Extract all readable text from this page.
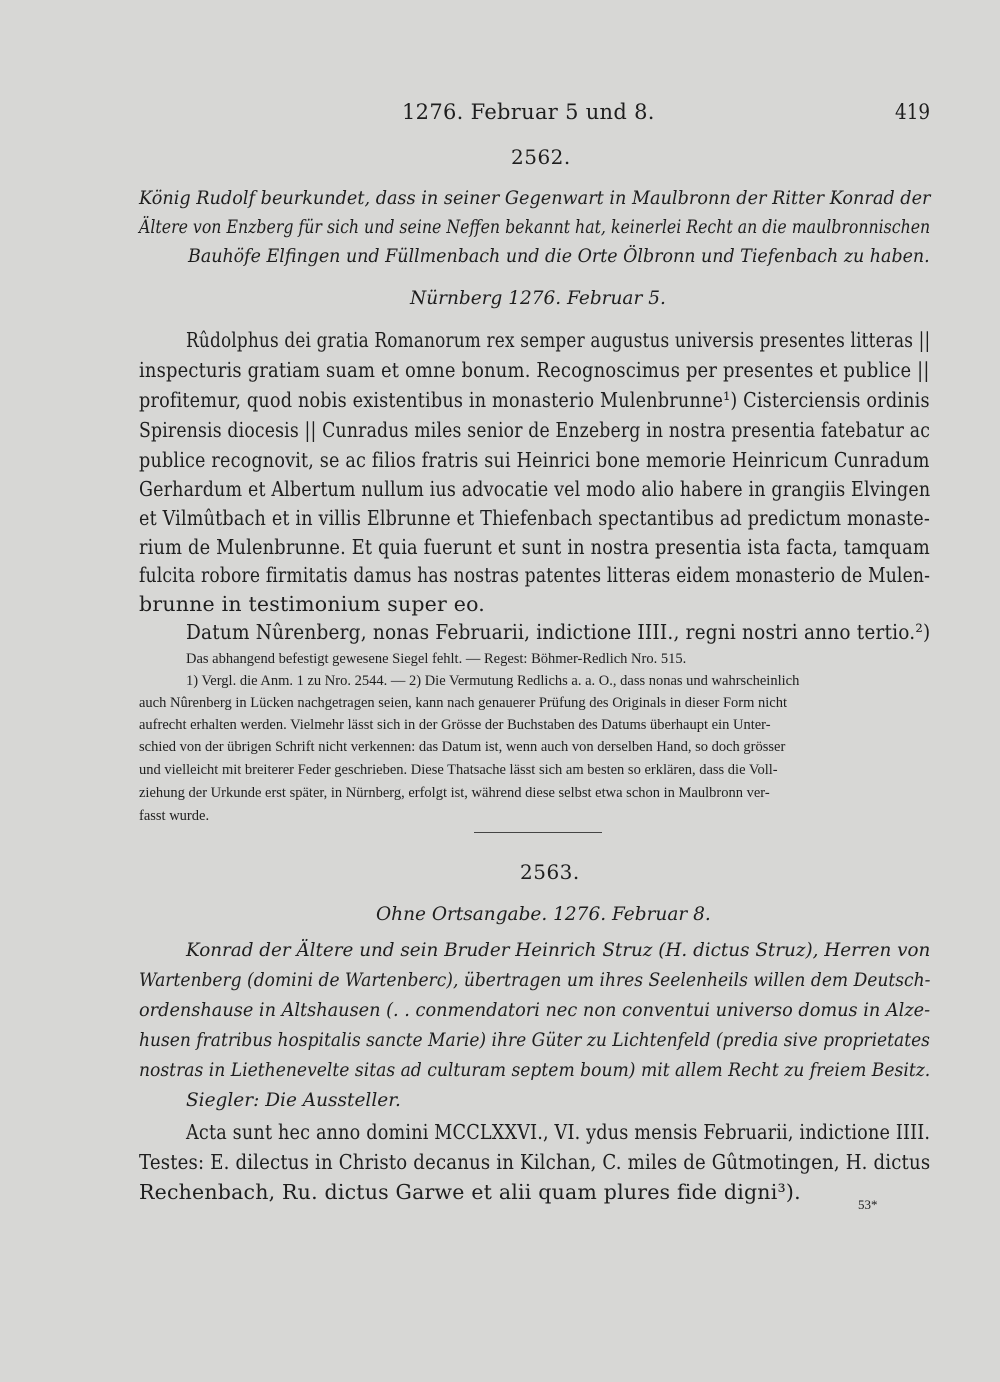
1276. Februar 5 und 8.	419
2562.
König Rudolf beurkundet, dass in seiner Gegenwart in Maulbronn der Ritter Konrad der
Ältere von Enzberg für sich und seine Neffen bekannt hat, keinerlei Recht an die maulbronnischen
Bauhöfe Elfingen und Füllmenbach und die Orte Ölbronn und Tiefenbach zu haben.
Nürnberg 1276. Februar 5.
Rûdolphus dei gratia Romanorum rex semper augustus universis presentes litteras ||
inspecturis gratiam suam et omne bonum. Recognoscimus per presentes et publice ||
profitemur, quod nobis existentibus in monasterio Mulenbrunne¹) Cisterciensis ordinis
Spirensis diocesis || Cunradus miles senior de Enzeberg in nostra presentia fatebatur ac
publice recognovit, se ac filios fratris sui Heinrici bone memorie Heinricum Cunradum
Gerhardum et Albertum nullum ius advocatie vel modo alio habere in grangiis Elvingen
et Vilmûtbach et in villis Elbrunne et Thiefenbach spectantibus ad predictum monaste-
rium de Mulenbrunne. Et quia fuerunt et sunt in nostra presentia ista facta, tamquam
fulcita robore firmitatis damus has nostras patentes litteras eidem monasterio de Mulen-
brunne in testimonium super eo.
Datum Nûrenberg, nonas Februarii, indictione IIII., regni nostri anno tertio.²)
Das abhangend befestigt gewesene Siegel fehlt. — Regest: Böhmer-Redlich Nro. 515.
1) Vergl. die Anm. 1 zu Nro. 2544. — 2) Die Vermutung Redlichs a. a. O., dass nonas und wahrscheinlich
auch Nûrenberg in Lücken nachgetragen seien, kann nach genauerer Prüfung des Originals in dieser Form nicht
aufrecht erhalten werden. Vielmehr lässt sich in der Grösse der Buchstaben des Datums überhaupt ein Unter-
schied von der übrigen Schrift nicht verkennen: das Datum ist, wenn auch von derselben Hand, so doch grösser
und vielleicht mit breiterer Feder geschrieben. Diese Thatsache lässt sich am besten so erklären, dass die Voll-
ziehung der Urkunde erst später, in Nürnberg, erfolgt ist, während diese selbst etwa schon in Maulbronn ver-
fasst wurde.
2563.
Ohne Ortsangabe. 1276. Februar 8.
Konrad der Ältere und sein Bruder Heinrich Struz (H. dictus Struz), Herren von
Wartenberg (domini de Wartenberc), übertragen um ihres Seelenheils willen dem Deutsch-
ordenshause in Altshausen (. . conmendatori nec non conventui universo domus in Alze-
husen fratribus hospitalis sancte Marie) ihre Güter zu Lichtenfeld (predia sive proprietates
nostras in Liethenevelte sitas ad culturam septem boum) mit allem Recht zu freiem Besitz.
Siegler: Die Aussteller.
Acta sunt hec anno domini MCCLXXVI., VI. ydus mensis Februarii, indictione IIII.
Testes: E. dilectus in Christo decanus in Kilchan, C. miles de Gûtmotingen, H. dictus
Rechenbach, Ru. dictus Garwe et alii quam plures fide digni³).
53*
